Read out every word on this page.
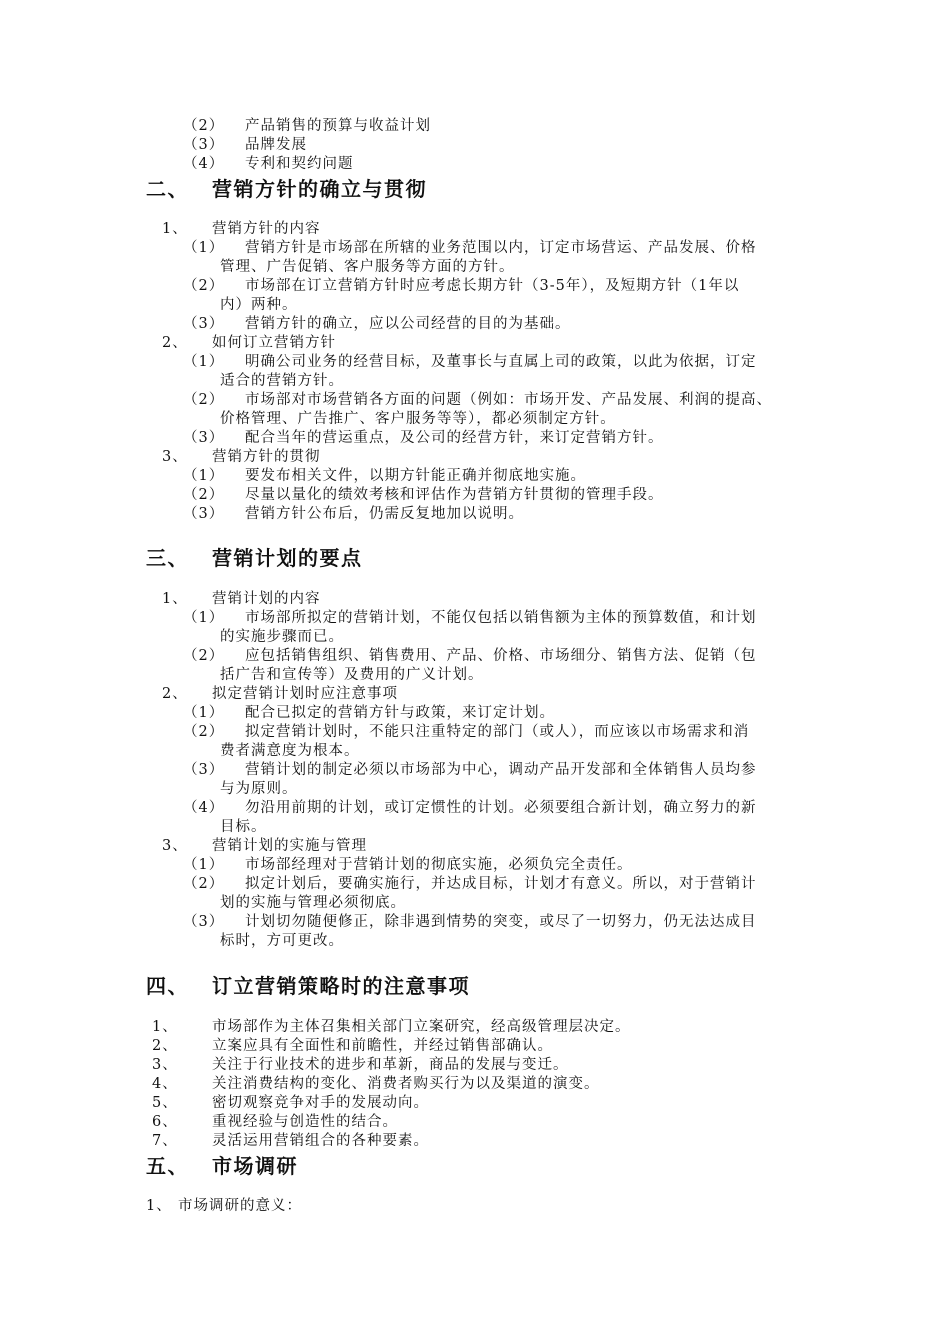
（2） 产品销售的预算与收益计划
（3） 品牌发展
（4） 专利和契约问题
二、 营销方针的确立与贯彻
1、 营销方针的内容
（1） 营销方针是市场部在所辖的业务范围以内，订定市场营运、产品发展、价格
管理、广告促销、客户服务等方面的方针。
（2） 市场部在订立营销方针时应考虑长期方针（3-5年），及短期方针（1年以
内）两种。
（3） 营销方针的确立，应以公司经营的目的为基础。
2、 如何订立营销方针
（1） 明确公司业务的经营目标，及董事长与直属上司的政策，以此为依据，订定
适合的营销方针。
（2） 市场部对市场营销各方面的问题（例如：市场开发、产品发展、利润的提高、
价格管理、广告推广、客户服务等等），都必须制定方针。
（3） 配合当年的营运重点，及公司的经营方针，来订定营销方针。
3、 营销方针的贯彻
（1） 要发布相关文件，以期方针能正确并彻底地实施。
（2） 尽量以量化的绩效考核和评估作为营销方针贯彻的管理手段。
（3） 营销方针公布后，仍需反复地加以说明。
三、 营销计划的要点
1、 营销计划的内容
（1） 市场部所拟定的营销计划，不能仅包括以销售额为主体的预算数值，和计划
的实施步骤而已。
（2） 应包括销售组织、销售费用、产品、价格、市场细分、销售方法、促销（包
括广告和宣传等）及费用的广义计划。
2、 拟定营销计划时应注意事项
（1） 配合已拟定的营销方针与政策，来订定计划。
（2） 拟定营销计划时，不能只注重特定的部门（或人），而应该以市场需求和消
费者满意度为根本。
（3） 营销计划的制定必须以市场部为中心，调动产品开发部和全体销售人员均参
与为原则。
（4） 勿沿用前期的计划，或订定惯性的计划。必须要组合新计划，确立努力的新
目标。
3、 营销计划的实施与管理
（1） 市场部经理对于营销计划的彻底实施，必须负完全责任。
（2） 拟定计划后，要确实施行，并达成目标，计划才有意义。所以，对于营销计
划的实施与管理必须彻底。
（3） 计划切勿随便修正，除非遇到情势的突变，或尽了一切努力，仍无法达成目
标时，方可更改。
四、 订立营销策略时的注意事项
1、 市场部作为主体召集相关部门立案研究，经高级管理层决定。
2、 立案应具有全面性和前瞻性，并经过销售部确认。
3、 关注于行业技术的进步和革新，商品的发展与变迁。
4、 关注消费结构的变化、消费者购买行为以及渠道的演变。
5、 密切观察竞争对手的发展动向。
6、 重视经验与创造性的结合。
7、 灵活运用营销组合的各种要素。
五、 市场调研
1、 市场调研的意义：
